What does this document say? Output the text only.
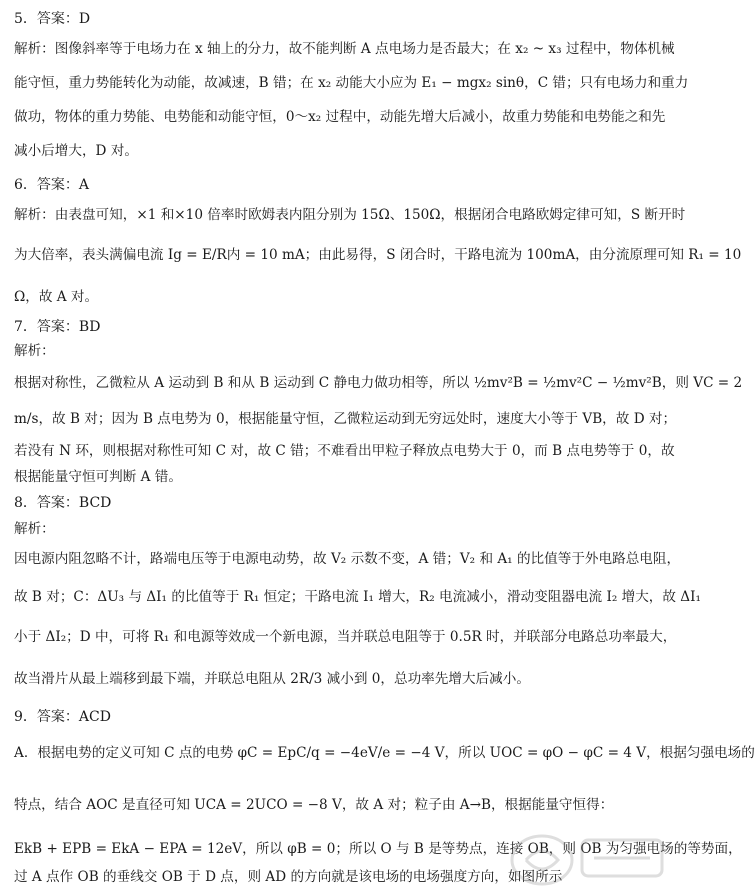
5．答案：D
解析：图像斜率等于电场力在 x 轴上的分力，故不能判断 A 点电场力是否最大；在 x₂ ~ x₃ 过程中，物体机械
能守恒，重力势能转化为动能，故减速，B 错；在 x₂ 动能大小应为 E₁ − mgx₂ sinθ，C 错；只有电场力和重力
做功，物体的重力势能、电势能和动能守恒，0～x₂ 过程中，动能先增大后减小，故重力势能和电势能之和先
减小后增大，D 对。
6．答案：A
解析：由表盘可知，×1 和×10 倍率时欧姆表内阻分别为 15Ω、150Ω，根据闭合电路欧姆定律可知，S 断开时
为大倍率，表头满偏电流 Ig = E/R内 = 10 mA；由此易得，S 闭合时，干路电流为 100mA，由分流原理可知 R₁ = 10
Ω，故 A 对。
7．答案：BD
解析：
根据对称性，乙微粒从 A 运动到 B 和从 B 运动到 C 静电力做功相等，所以 ½mv²B = ½mv²C − ½mv²B，则 VC = 2
m/s，故 B 对；因为 B 点电势为 0，根据能量守恒，乙微粒运动到无穷远处时，速度大小等于 VB，故 D 对；
若没有 N 环，则根据对称性可知 C 对，故 C 错；不难看出甲粒子释放点电势大于 0，而 B 点电势等于 0，故
根据能量守恒可判断 A 错。
8．答案：BCD
解析：
因电源内阻忽略不计，路端电压等于电源电动势，故 V₂ 示数不变，A 错；V₂ 和 A₁ 的比值等于外电路总电阻，
故 B 对；C：ΔU₃ 与 ΔI₁ 的比值等于 R₁ 恒定；干路电流 I₁ 增大，R₂ 电流减小，滑动变阻器电流 I₂ 增大，故 ΔI₁
小于 ΔI₂；D 中，可将 R₁ 和电源等效成一个新电源，当并联总电阻等于 0.5R 时，并联部分电路总功率最大，
故当滑片从最上端移到最下端，并联总电阻从 2R/3 减小到 0，总功率先增大后减小。
9．答案：ACD
A．根据电势的定义可知 C 点的电势 φC = EpC/q = −4eV/e = −4 V，所以 UOC = φO − φC = 4 V，根据匀强电场的
特点，结合 AOC 是直径可知 UCA = 2UCO = −8 V，故 A 对；粒子由 A→B，根据能量守恒得：
EkB + EPB = EkA − EPA = 12eV，所以 φB = 0；所以 O 与 B 是等势点，连接 OB，则 OB 为匀强电场的等势面，
过 A 点作 OB 的垂线交 OB 于 D 点，则 AD 的方向就是该电场的电场强度方向，如图所示
